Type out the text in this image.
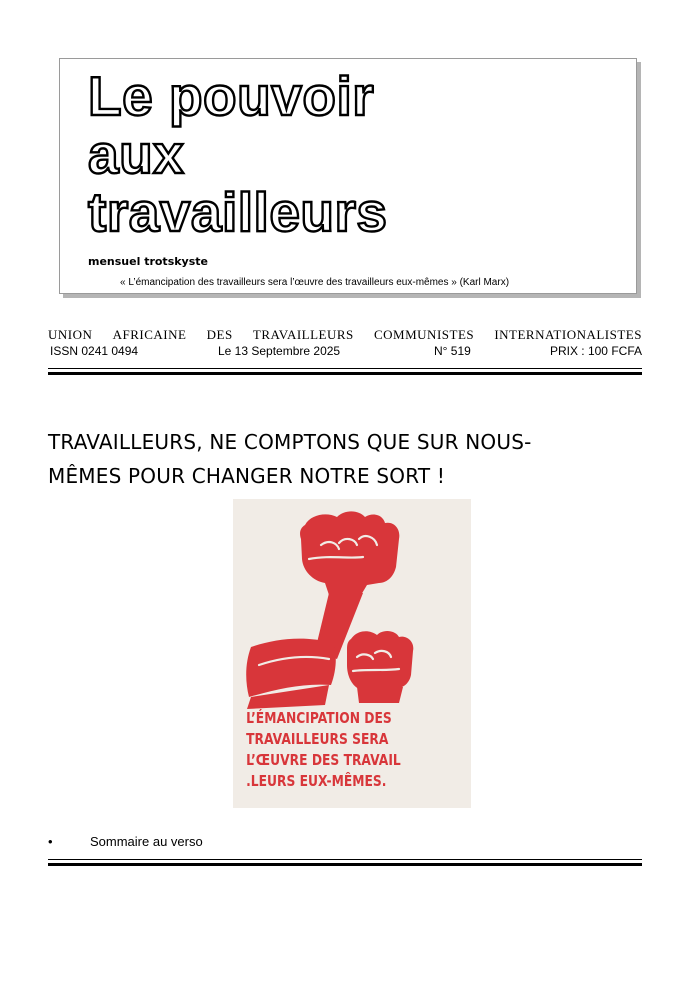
Le pouvoir
aux
travailleurs
mensuel trotskyste
« L’émancipation des travailleurs sera l’œuvre des travailleurs eux-mêmes » (Karl Marx)
UNION AFRICAINE DES TRAVAILLEURS COMMUNISTES INTERNATIONALISTES
ISSN 0241 0494	Le 13 Septembre 2025	N° 519	PRIX : 100 FCFA
TRAVAILLEURS, NE COMPTONS QUE SUR NOUS-
MÊMES POUR CHANGER NOTRE SORT !
L’ÉMANCIPATION DES
TRAVAILLEURS SERA
L’ŒUVRE DES TRAVAIL
.LEURS EUX-MÊMES.
•	Sommaire au verso
